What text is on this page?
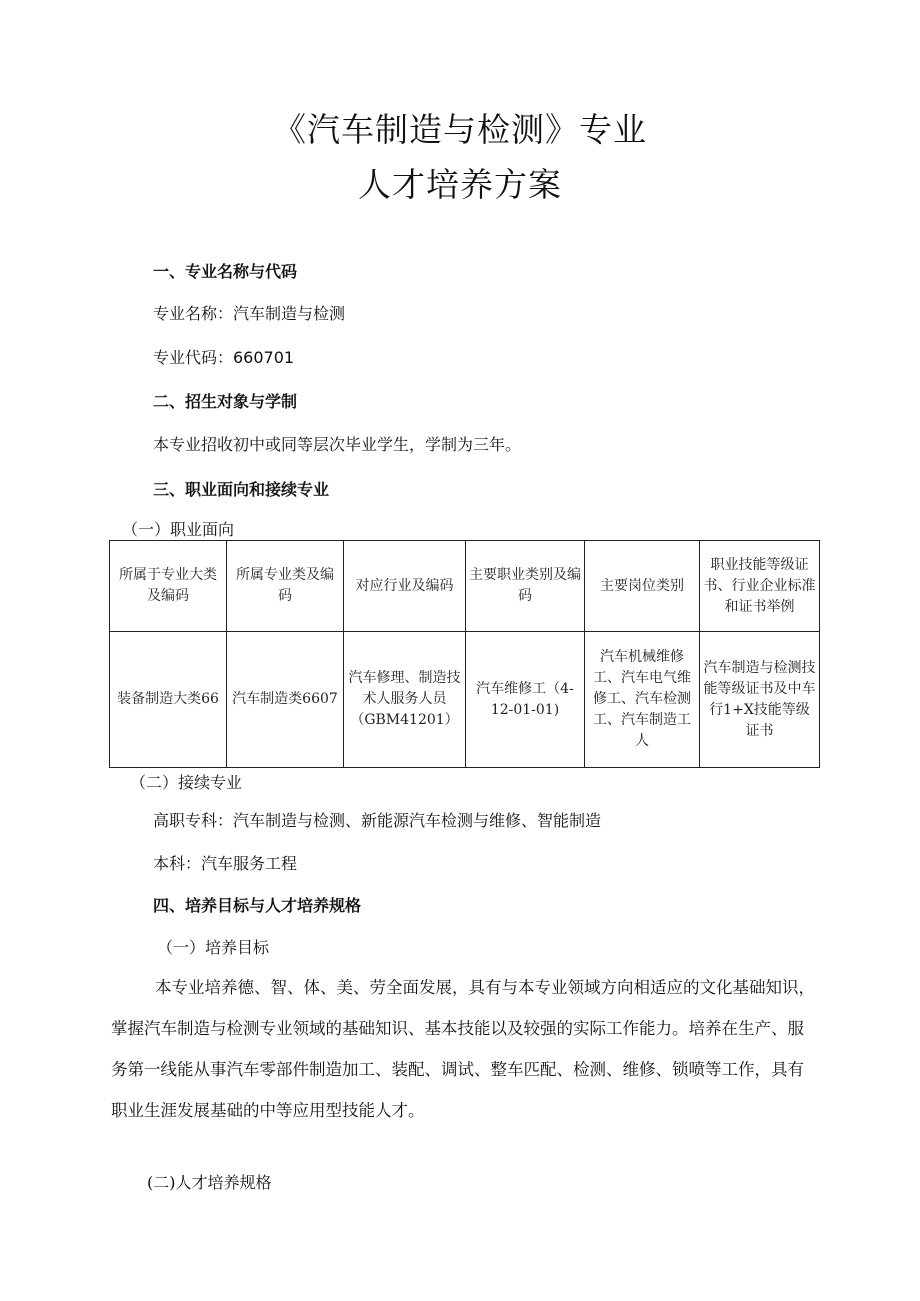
《汽车制造与检测》专业
人才培养方案
一、专业名称与代码
专业名称：汽车制造与检测
专业代码：660701
二、招生对象与学制
本专业招收初中或同等层次毕业学生，学制为三年。
三、职业面向和接续专业
（一）职业面向
所属于专业大类及编码	所属专业类及编码	对应行业及编码	主要职业类别及编码	主要岗位类别	职业技能等级证书、行业企业标准和证书举例
装备制造大类66	汽车制造类6607	汽车修理、制造技术人服务人员（GBM41201）	汽车维修工（4-12-01-01)	汽车机械维修工、汽车电气维修工、汽车检测工、汽车制造工人	汽车制造与检测技能等级证书及中车行1+X技能等级证书
（二）接续专业
高职专科：汽车制造与检测、新能源汽车检测与维修、智能制造
本科：汽车服务工程
四、培养目标与人才培养规格
（一）培养目标
本专业培养德、智、体、美、劳全面发展，具有与本专业领域方向相适应的文化基础知识，
掌握汽车制造与检测专业领域的基础知识、基本技能以及较强的实际工作能力。培养在生产、服
务第一线能从事汽车零部件制造加工、装配、调试、整车匹配、检测、维修、锁喷等工作，具有
职业生涯发展基础的中等应用型技能人才。
(二)人才培养规格
